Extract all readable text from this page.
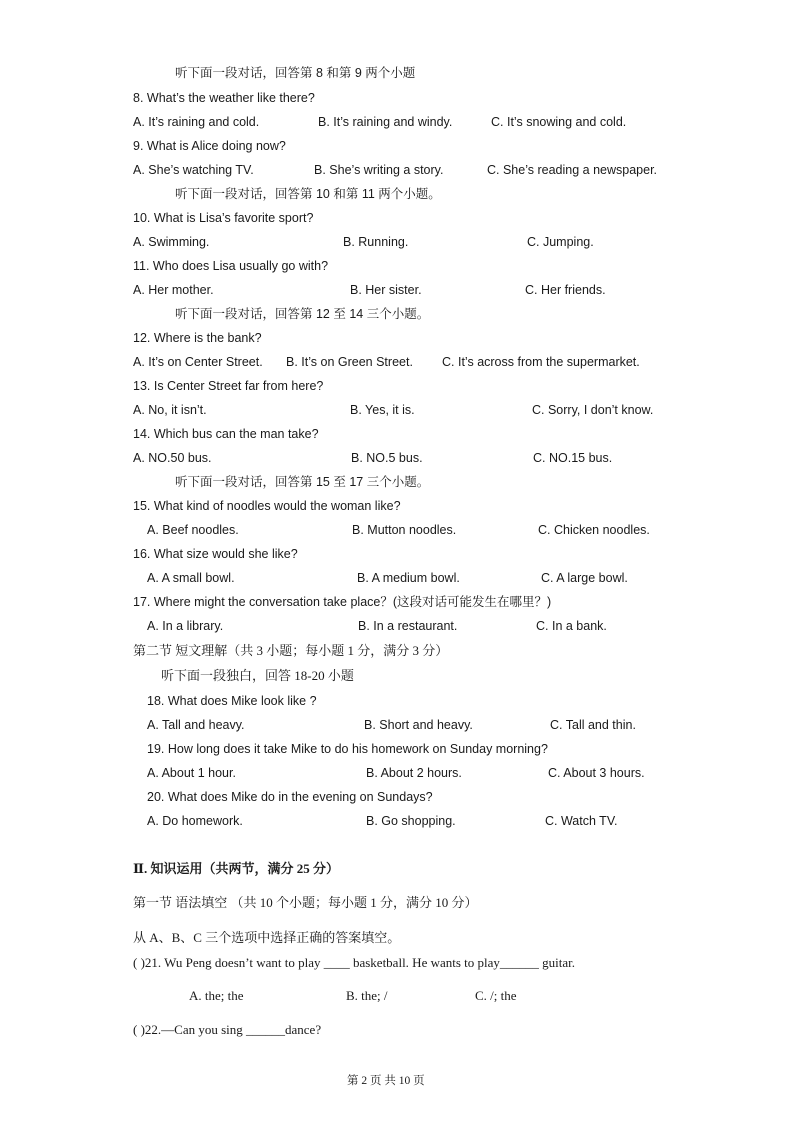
听下面一段对话，回答第 8 和第 9 两个小题
8. What’s the weather like there?
A. It’s raining and cold.	B. It’s raining and windy.	C. It’s snowing and cold.
9. What is Alice doing now?
A. She’s watching TV.	B. She’s writing a story.	C. She’s reading a newspaper.
听下面一段对话，回答第 10 和第 11 两个小题。
10. What is Lisa’s favorite sport?
A. Swimming.	B. Running.	C. Jumping.
11. Who does Lisa usually go with?
A. Her mother.	B. Her sister.	C. Her friends.
听下面一段对话，回答第 12 至 14 三个小题。
12. Where is the bank?
A. It’s on Center Street. B. It’s on Green Street. C. It’s across from the supermarket.
13. Is Center Street far from here?
A. No, it isn’t.	B. Yes, it is.	C. Sorry, I don’t know.
14. Which bus can the man take?
A. NO.50 bus.	B. NO.5 bus.	C. NO.15 bus.
听下面一段对话，回答第 15 至 17 三个小题。
15. What kind of noodles would the woman like?
A. Beef noodles.	B. Mutton noodles.	C. Chicken noodles.
16. What size would she like?
A. A small bowl.	B. A medium bowl.	C. A large bowl.
17. Where might the conversation take place？(这段对话可能发生在哪里？)
A. In a library.	B. In a restaurant.	C. In a bank.
第二节 短文理解（共 3 小题；每小题 1 分，满分 3 分）
听下面一段独白，回答 18-20 小题
18. What does Mike look like ?
A. Tall and heavy.	B. Short and heavy.	C. Tall and thin.
19. How long does it take Mike to do his homework on Sunday morning?
A. About 1 hour.	B. About 2 hours.	C. About 3 hours.
20. What does Mike do in the evening on Sundays?
A. Do homework.	B. Go shopping.	C. Watch TV.
Ⅱ. 知识运用（共两节，满分 25 分）
第一节 语法填空 （共 10 个小题；每小题 1 分，满分 10 分）
从 A、B、C 三个选项中选择正确的答案填空。
( )21. Wu Peng doesn’t want to play ____ basketball. He wants to play______ guitar.
A. the; the	B. the; /	C. /; the
( )22.—Can you sing ______dance?
第 2 页 共 10 页
